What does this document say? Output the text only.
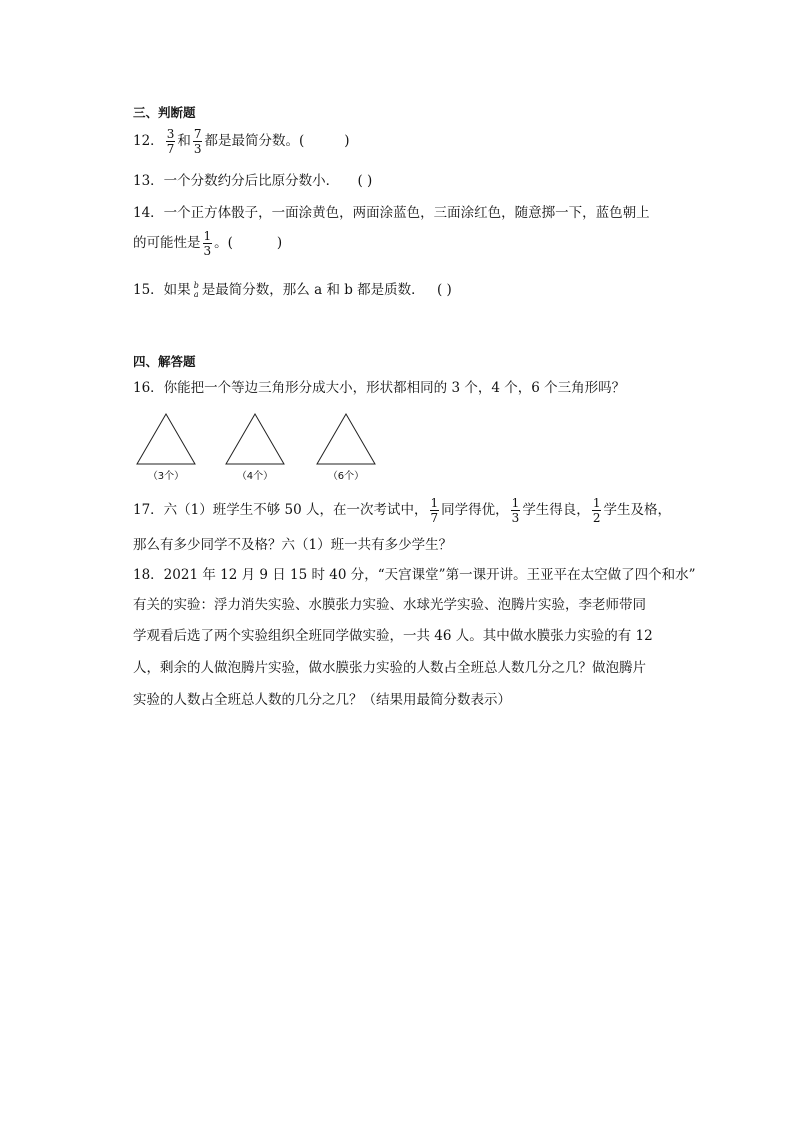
三、判断题
12． $\frac{3}{7}$ 和 $\frac{7}{3}$ 都是最简分数。(	)
13．一个分数约分后比原分数小． ( )
14．一个正方体骰子，一面涂黄色，两面涂蓝色，三面涂红色，随意掷一下，蓝色朝上
的可能性是 $\frac{1}{3}$ 。(	)
15．如果 b
a 是最简分数，那么 a 和 b 都是质数． ( )
四、解答题
16．你能把一个等边三角形分成大小，形状都相同的 3 个，4 个，6 个三角形吗？
（3个）	（4个）	（6个）
17．六（1）班学生不够 50 人，在一次考试中， $\frac{1}{7}$ 同学得优， $\frac{1}{3}$ 学生得良， $\frac{1}{2}$ 学生及格，
那么有多少同学不及格？六（1）班一共有多少学生？
18．2021 年 12 月 9 日 15 时 40 分，“天宫课堂”第一课开讲。王亚平在太空做了四个和水”
有关的实验：浮力消失实验、水膜张力实验、水球光学实验、泡腾片实验，李老师带同
学观看后选了两个实验组织全班同学做实验，一共 46 人。其中做水膜张力实验的有 12
人，剩余的人做泡腾片实验，做水膜张力实验的人数占全班总人数几分之几？做泡腾片
实验的人数占全班总人数的几分之几？（结果用最简分数表示）
